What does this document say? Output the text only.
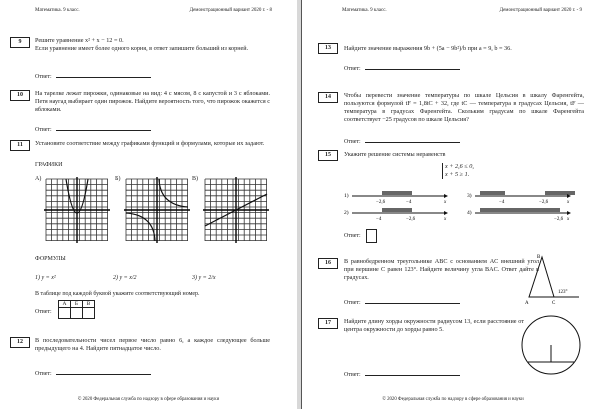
Математика. 9 класс.	Демонстрационный вариант 2020 г. - 8
9	Решите уравнение x² + x − 12 = 0.
Если уравнение имеет более одного корня, в ответ запишите больший из корней.
Ответ:
10	На тарелке лежат пирожки, одинаковые на вид: 4 с мясом, 8 с капустой и 3 с яблоками. Петя наугад выбирает один пирожок. Найдите вероятность того, что пирожок окажется с яблоками.
Ответ:
11	Установите соответствие между графиками функций и формулами, которые их задают.
ГРАФИКИ
А)	Б)	В)
ФОРМУЛЫ
1) y = x²	2) y = x/2	3) y = 2/x
В таблице под каждой буквой укажите соответствующий номер.
Ответ:
А	Б	В

12	В последовательности чисел первое число равно 6, а каждое следующее больше предыдущего на 4. Найдите пятнадцатое число.
Ответ:
© 2020 Федеральная служба по надзору в сфере образования и науки
Математика. 9 класс.	Демонстрационный вариант 2020 г. - 9
13	Найдите значение выражения 9b + (5a − 9b²)/b при a = 9, b = 36.
Ответ:
14	Чтобы перевести значение температуры по шкале Цельсия в шкалу Фаренгейта, пользуются формулой tF = 1,8tC + 32, где tC — температура в градусах Цельсия, tF — температура в градусах Фаренгейта. Скольким градусам по шкале Фаренгейта соответствует −25 градусов по шкале Цельсия?
Ответ:
15	Укажите решение системы неравенств
x + 2,6 ≤ 0,
x + 5 ≥ 1.
Ответ:
16	В равнобедренном треугольнике ABC с основанием AC внешний угол при вершине C равен 123°. Найдите величину угла BAC. Ответ дайте в градусах.
B
A	C
123°
Ответ:
17	Найдите длину хорды окружности радиусом 13, если расстояние от центра окружности до хорды равно 5.
Ответ:
© 2020 Федеральная служба по надзору в сфере образования и науки
1)
−2,6	−4	x
2)
−4	−2,6	x
3)
−4	−2,6	x
4)
−2,6 x
